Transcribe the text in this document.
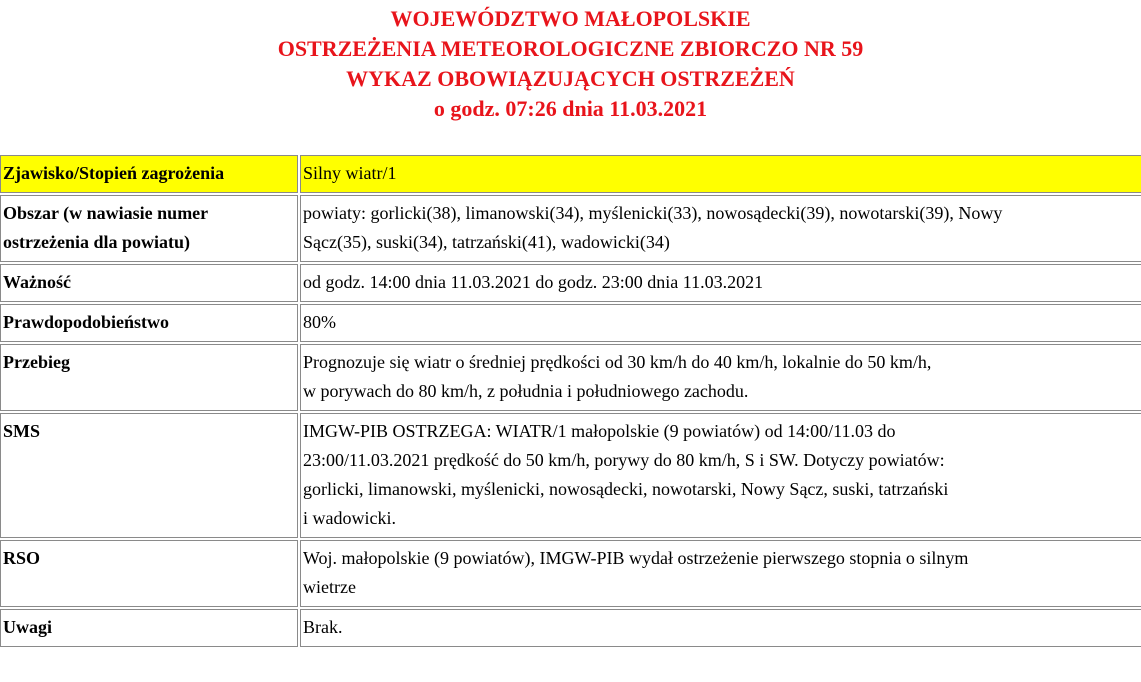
WOJEWÓDZTWO MAŁOPOLSKIE
OSTRZEŻENIA METEOROLOGICZNE ZBIORCZO NR 59
WYKAZ OBOWIĄZUJĄCYCH OSTRZEŻEŃ
o godz. 07:26 dnia 11.03.2021
Zjawisko/Stopień zagrożenia	Silny wiatr/1
Obszar (w nawiasie numer
ostrzeżenia dla powiatu)	powiaty: gorlicki(38), limanowski(34), myślenicki(33), nowosądecki(39), nowotarski(39), Nowy
Sącz(35), suski(34), tatrzański(41), wadowicki(34)
Ważność	od godz. 14:00 dnia 11.03.2021 do godz. 23:00 dnia 11.03.2021
Prawdopodobieństwo	80%
Przebieg	Prognozuje się wiatr o średniej prędkości od 30 km/h do 40 km/h, lokalnie do 50 km/h,
w porywach do 80 km/h, z południa i południowego zachodu.
SMS	IMGW-PIB OSTRZEGA: WIATR/1 małopolskie (9 powiatów) od 14:00/11.03 do
23:00/11.03.2021 prędkość do 50 km/h, porywy do 80 km/h, S i SW. Dotyczy powiatów:
gorlicki, limanowski, myślenicki, nowosądecki, nowotarski, Nowy Sącz, suski, tatrzański
i wadowicki.
RSO	Woj. małopolskie (9 powiatów), IMGW-PIB wydał ostrzeżenie pierwszego stopnia o silnym
wietrze
Uwagi	Brak.
